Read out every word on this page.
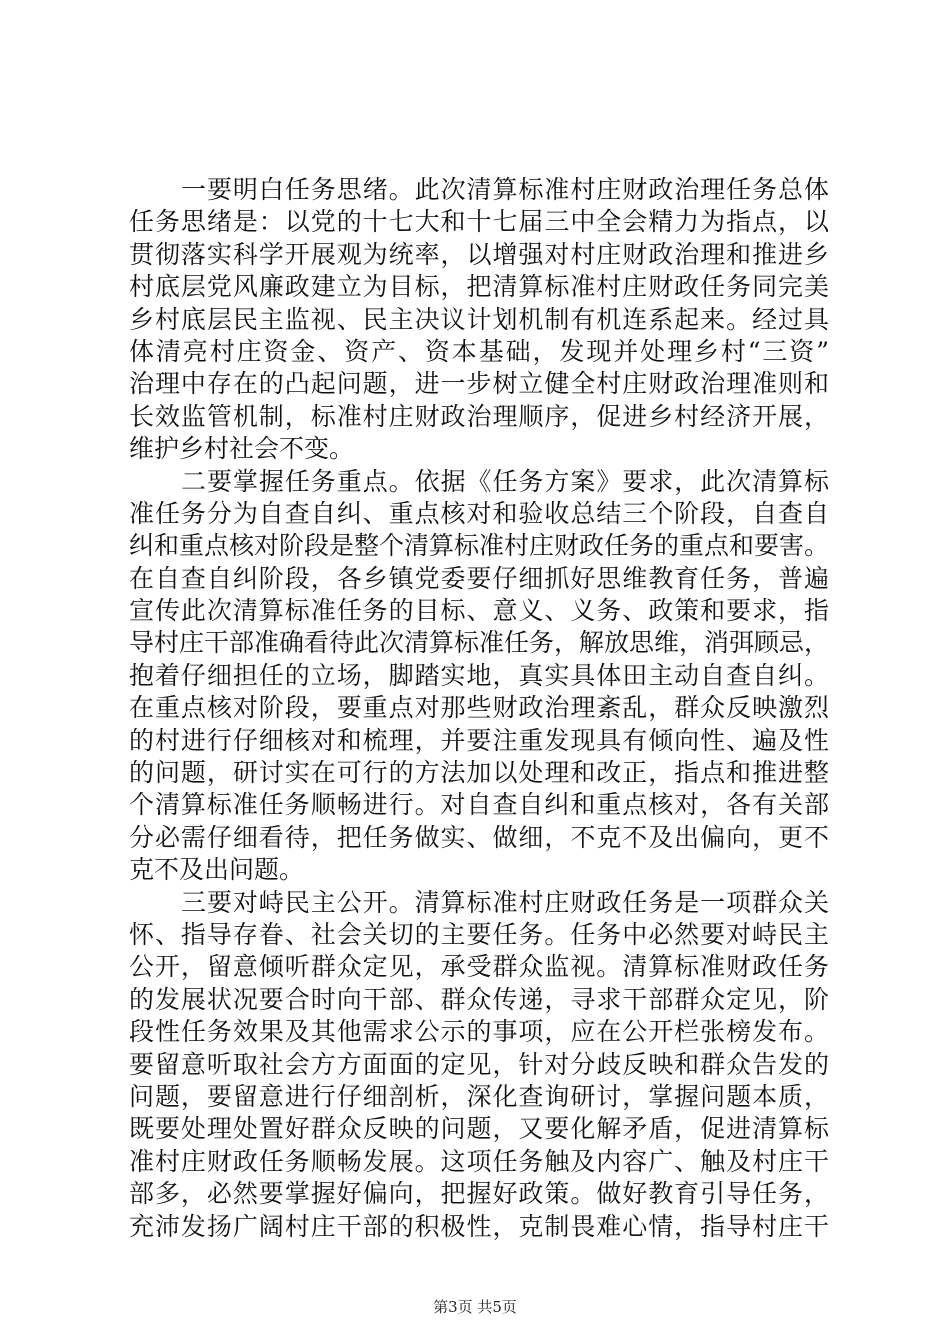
一要明白任务思绪。此次清算标准村庄财政治理任务总体
任务思绪是：以党的十七大和十七届三中全会精力为指点，以
贯彻落实科学开展观为统率，以增强对村庄财政治理和推进乡
村底层党风廉政建立为目标，把清算标准村庄财政任务同完美
乡村底层民主监视、民主决议计划机制有机连系起来。经过具
体清亮村庄资金、资产、资本基础，发现并处理乡村“三资”
治理中存在的凸起问题，进一步树立健全村庄财政治理准则和
长效监管机制，标准村庄财政治理顺序，促进乡村经济开展，
维护乡村社会不变。
二要掌握任务重点。依据《任务方案》要求，此次清算标
准任务分为自查自纠、重点核对和验收总结三个阶段，自查自
纠和重点核对阶段是整个清算标准村庄财政任务的重点和要害。
在自查自纠阶段，各乡镇党委要仔细抓好思维教育任务，普遍
宣传此次清算标准任务的目标、意义、义务、政策和要求，指
导村庄干部准确看待此次清算标准任务，解放思维，消弭顾忌，
抱着仔细担任的立场，脚踏实地，真实具体田主动自查自纠。
在重点核对阶段，要重点对那些财政治理紊乱，群众反映激烈
的村进行仔细核对和梳理，并要注重发现具有倾向性、遍及性
的问题，研讨实在可行的方法加以处理和改正，指点和推进整
个清算标准任务顺畅进行。对自查自纠和重点核对，各有关部
分必需仔细看待，把任务做实、做细，不克不及出偏向，更不
克不及出问题。
三要对峙民主公开。清算标准村庄财政任务是一项群众关
怀、指导存眷、社会关切的主要任务。任务中必然要对峙民主
公开，留意倾听群众定见，承受群众监视。清算标准财政任务
的发展状况要合时向干部、群众传递，寻求干部群众定见，阶
段性任务效果及其他需求公示的事项，应在公开栏张榜发布。
要留意听取社会方方面面的定见，针对分歧反映和群众告发的
问题，要留意进行仔细剖析，深化查询研讨，掌握问题本质，
既要处理处置好群众反映的问题，又要化解矛盾，促进清算标
准村庄财政任务顺畅发展。这项任务触及内容广、触及村庄干
部多，必然要掌握好偏向，把握好政策。做好教育引导任务，
充沛发扬广阔村庄干部的积极性，克制畏难心情，指导村庄干
第3页 共5页
